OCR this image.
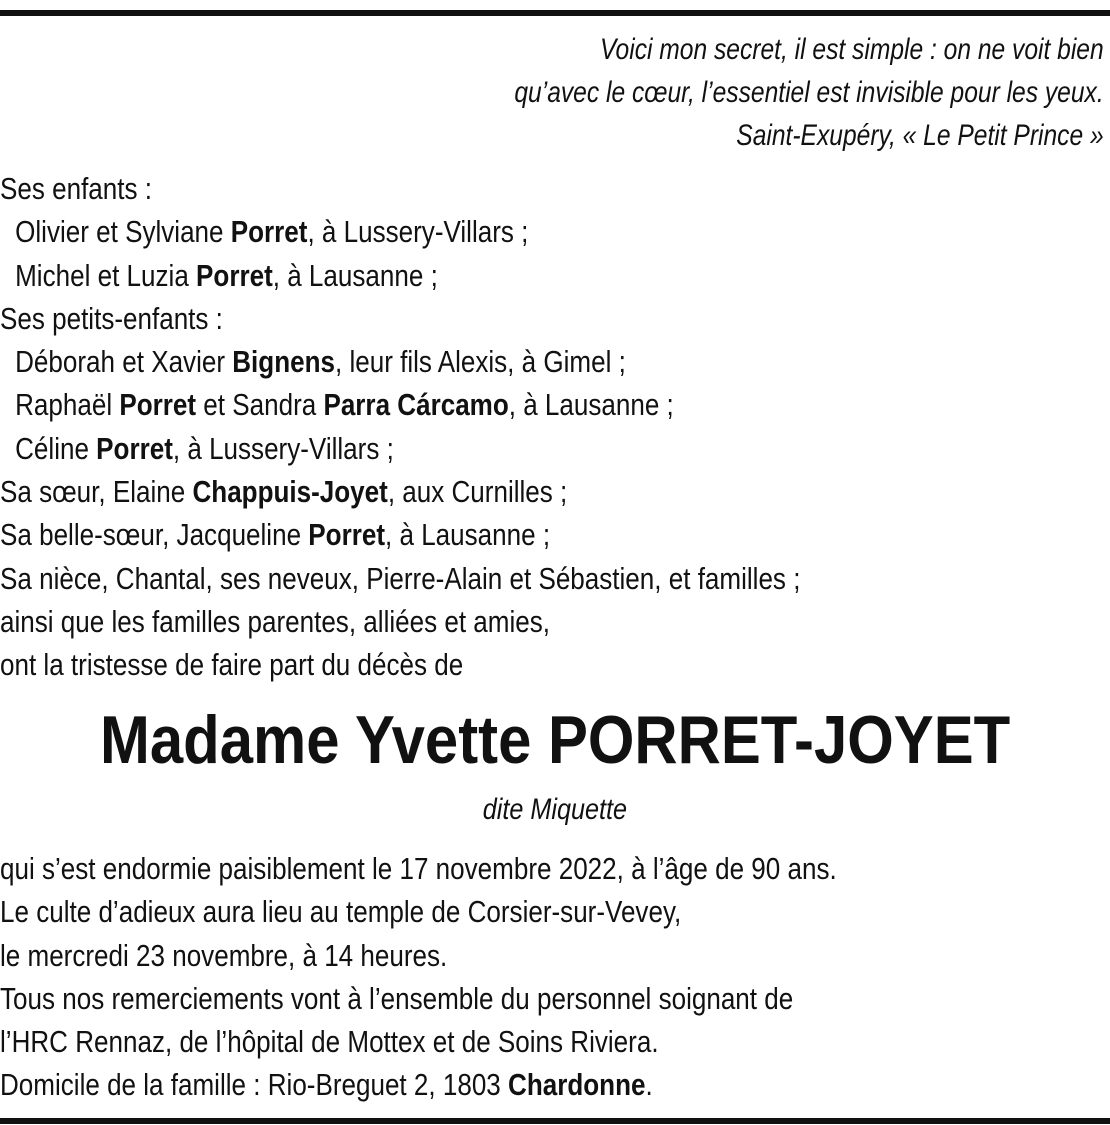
Voici mon secret, il est simple : on ne voit bien
qu’avec le cœur, l’essentiel est invisible pour les yeux.
Saint-Exupéry, « Le Petit Prince »
Ses enfants :
Olivier et Sylviane Porret, à Lussery-Villars ;
Michel et Luzia Porret, à Lausanne ;
Ses petits-enfants :
Déborah et Xavier Bignens, leur fils Alexis, à Gimel ;
Raphaël Porret et Sandra Parra Cárcamo, à Lausanne ;
Céline Porret, à Lussery-Villars ;
Sa sœur, Elaine Chappuis-Joyet, aux Curnilles ;
Sa belle-sœur, Jacqueline Porret, à Lausanne ;
Sa nièce, Chantal, ses neveux, Pierre-Alain et Sébastien, et familles ;
ainsi que les familles parentes, alliées et amies,
ont la tristesse de faire part du décès de
Madame Yvette PORRET-JOYET
dite Miquette
qui s’est endormie paisiblement le 17 novembre 2022, à l’âge de 90 ans.
Le culte d’adieux aura lieu au temple de Corsier-sur-Vevey,
le mercredi 23 novembre, à 14 heures.
Tous nos remerciements vont à l’ensemble du personnel soignant de
l’HRC Rennaz, de l’hôpital de Mottex et de Soins Riviera.
Domicile de la famille : Rio-Breguet 2, 1803 Chardonne.
